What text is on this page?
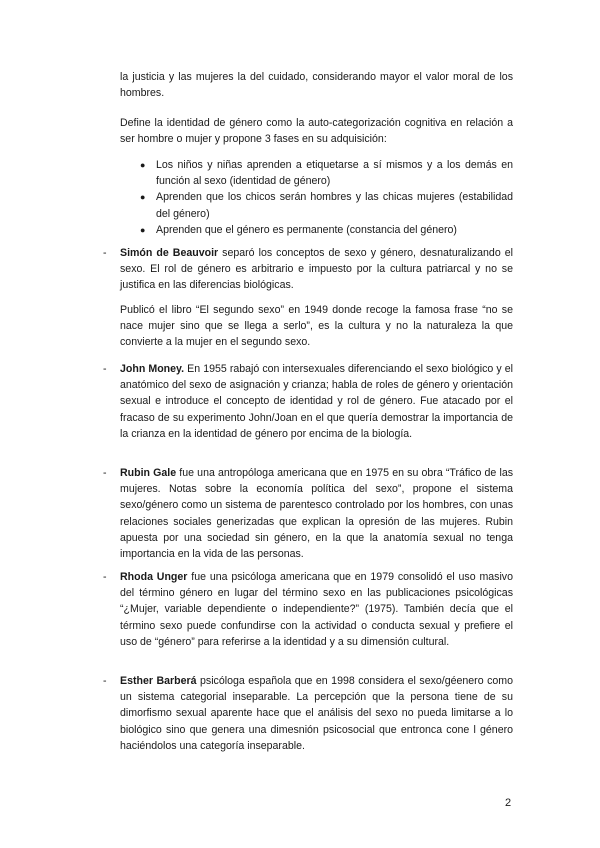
la justicia y las mujeres la del cuidado, considerando mayor el valor moral de los hombres.

Define la identidad de género como la auto-categorización cognitiva en relación a ser hombre o mujer y propone 3 fases en su adquisición:

● Los niños y niñas aprenden a etiquetarse a sí mismos y a los demás en función al sexo (identidad de género)
● Aprenden que los chicos serán hombres y las chicas mujeres (estabilidad del género)
● Aprenden que el género es permanente (constancia del género)
- Simón de Beauvoir separó los conceptos de sexo y género, desnaturalizando el sexo. El rol de género es arbitrario e impuesto por la cultura patriarcal y no se justifica en las diferencias biológicas.

Publicó el libro “El segundo sexo” en 1949 donde recoge la famosa frase “no se nace mujer sino que se llega a serlo”, es la cultura y no la naturaleza la que convierte a la mujer en el segundo sexo.

- John Money. En 1955 rabajó con intersexuales diferenciando el sexo biológico y el anatómico del sexo de asignación y crianza; habla de roles de género y orientación sexual e introduce el concepto de identidad y rol de género. Fue atacado por el fracaso de su experimento John/Joan en el que quería demostrar la importancia de la crianza en la identidad de género por encima de la biología.

- Rubin Gale fue una antropóloga americana que en 1975 en su obra “Tráfico de las mujeres. Notas sobre la economía política del sexo”, propone el sistema sexo/género como un sistema de parentesco controlado por los hombres, con unas relaciones sociales generizadas que explican la opresión de las mujeres. Rubin apuesta por una sociedad sin género, en la que la anatomía sexual no tenga importancia en la vida de las personas.

- Rhoda Unger fue una psicóloga americana que en 1979 consolidó el uso masivo del término género en lugar del término sexo en las publicaciones psicológicas “¿Mujer, variable dependiente o independiente?” (1975). También decía que el término sexo puede confundirse con la actividad o conducta sexual y prefiere el uso de “género” para referirse a la identidad y a su dimensión cultural.

- Esther Barberá psicóloga española que en 1998 considera el sexo/géenero como un sistema categorial inseparable. La percepción que la persona tiene de su dimorfismo sexual aparente hace que el análisis del sexo no pueda limitarse a lo biológico sino que genera una dimesnión psicosocial que entronca cone l género haciéndolos una categoría inseparable.

2
